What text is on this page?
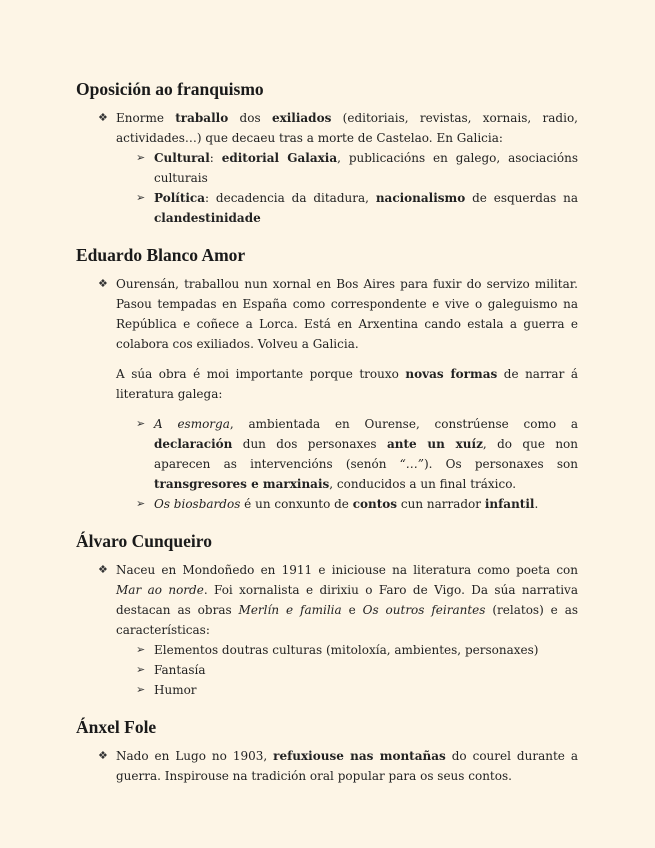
Oposición ao franquismo
❖ Enorme traballo dos exiliados (editoriais, revistas, xornais, radio, actividades…) que decaeu tras a morte de Castelao. En Galicia:
➢ Cultural: editorial Galaxia, publicacións en galego, asociacións culturais
➢ Política: decadencia da ditadura, nacionalismo de esquerdas na clandestinidade
Eduardo Blanco Amor
❖ Ourensán, traballou nun xornal en Bos Aires para fuxir do servizo militar. Pasou tempadas en España como correspondente e vive o galeguismo na República e coñece a Lorca. Está en Arxentina cando estala a guerra e colabora cos exiliados. Volveu a Galicia.
A súa obra é moi importante porque trouxo novas formas de narrar á literatura galega:
➢ A esmorga, ambientada en Ourense, constrúense como a declaración dun dos personaxes ante un xuíz, do que non aparecen as intervencións (senón “…”). Os personaxes son transgresores e marxinais, conducidos a un final tráxico.
➢ Os biosbardos é un conxunto de contos cun narrador infantil.
Álvaro Cunqueiro
❖ Naceu en Mondoñedo en 1911 e iniciouse na literatura como poeta con Mar ao norde. Foi xornalista e dirixiu o Faro de Vigo. Da súa narrativa destacan as obras Merlín e familia e Os outros feirantes (relatos) e as características:
➢ Elementos doutras culturas (mitoloxía, ambientes, personaxes)
➢ Fantasía
➢ Humor
Ánxel Fole
❖ Nado en Lugo no 1903, refuxiouse nas montañas do courel durante a guerra. Inspirouse na tradición oral popular para os seus contos.
